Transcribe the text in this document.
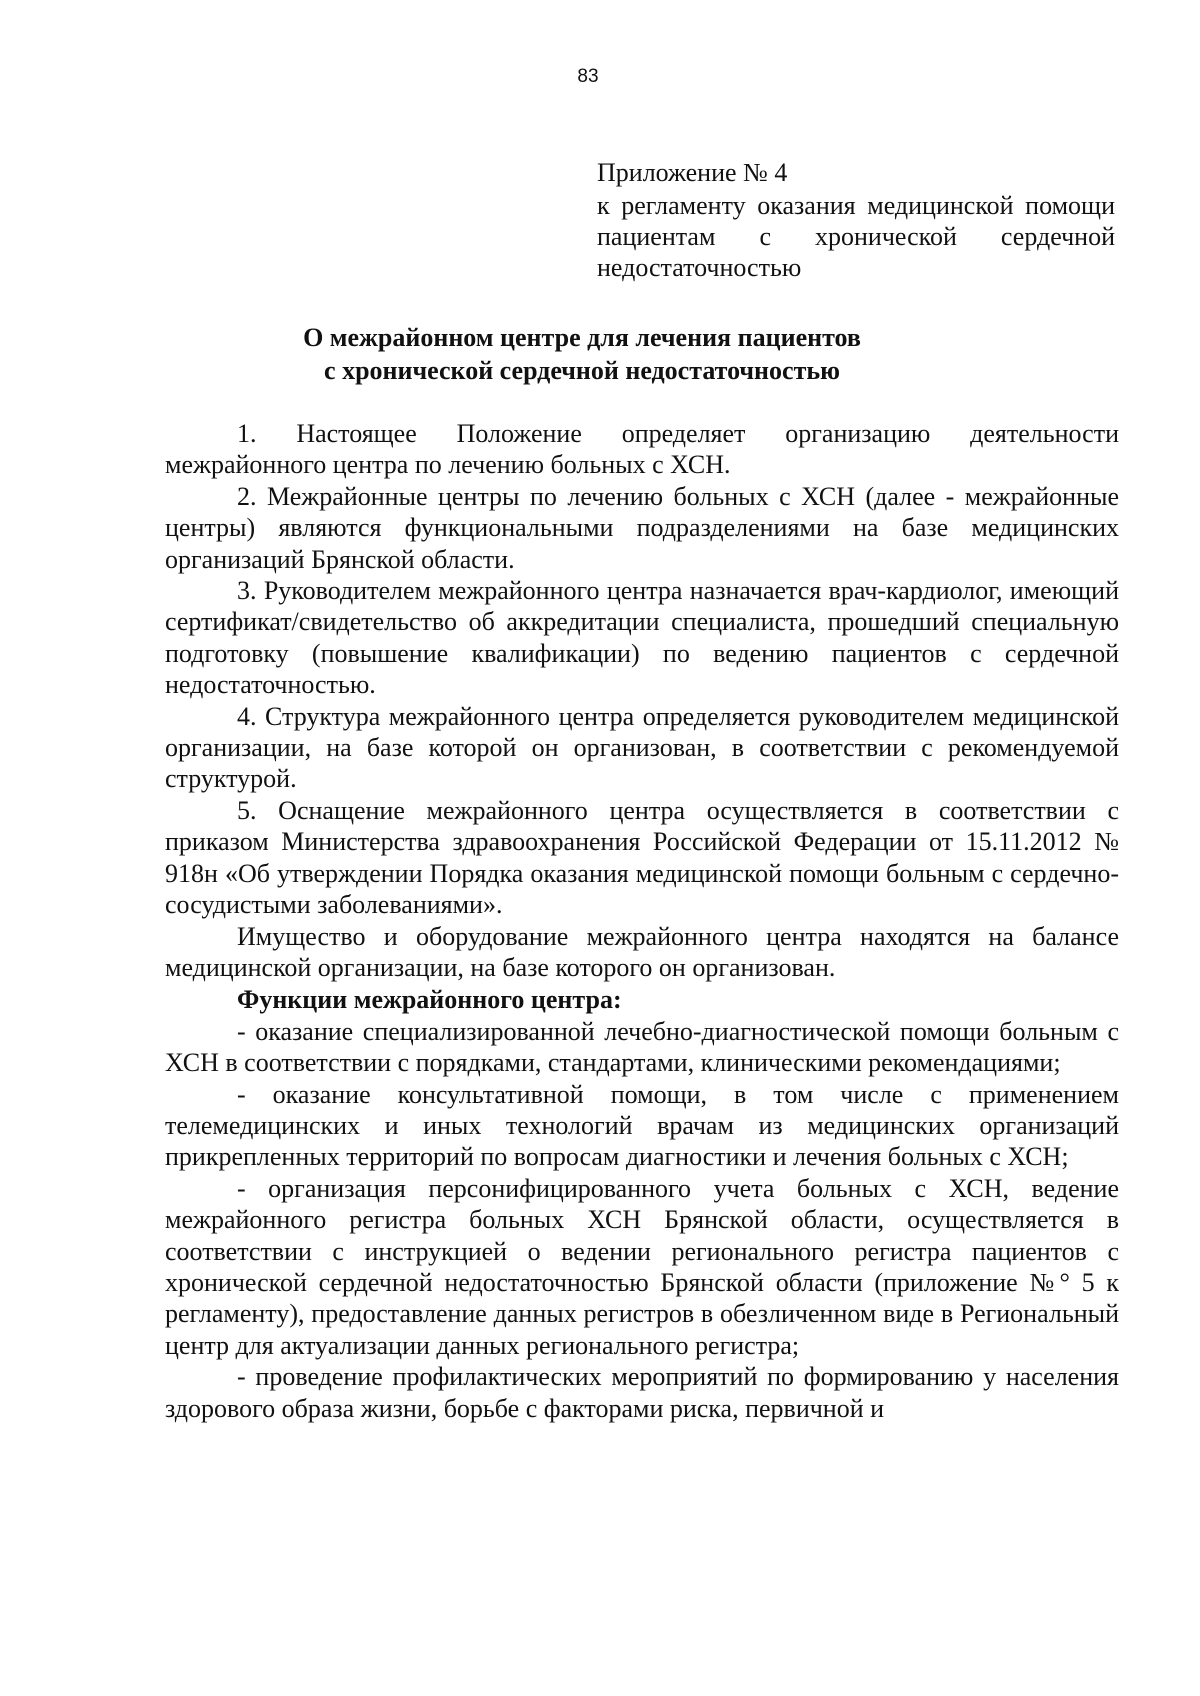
83
Приложение № 4
к регламенту оказания медицинской помощи пациентам с хронической сердечной недостаточностью
О межрайонном центре для лечения пациентов
с хронической сердечной недостаточностью

1. Настоящее Положение определяет организацию деятельности межрайонного центра по лечению больных с ХСН.

2. Межрайонные центры по лечению больных с ХСН (далее - межрайонные центры) являются функциональными подразделениями на базе медицинских организаций Брянской области.

3. Руководителем межрайонного центра назначается врач-кардиолог, имеющий сертификат/свидетельство об аккредитации специалиста, прошедший специальную подготовку (повышение квалификации) по ведению пациентов с сердечной недостаточностью.

4. Структура межрайонного центра определяется руководителем медицинской организации, на базе которой он организован, в соответствии с рекомендуемой структурой.

5. Оснащение межрайонного центра осуществляется в соответствии с приказом Министерства здравоохранения Российской Федерации от 15.11.2012 № 918н «Об утверждении Порядка оказания медицинской помощи больным с сердечно-сосудистыми заболеваниями».

Имущество и оборудование межрайонного центра находятся на балансе медицинской организации, на базе которого он организован.

Функции межрайонного центра:

- оказание специализированной лечебно-диагностической помощи больным с ХСН в соответствии с порядками, стандартами, клиническими рекомендациями;

- оказание консультативной помощи, в том числе с применением телемедицинских и иных технологий врачам из медицинских организаций прикрепленных территорий по вопросам диагностики и лечения больных с ХСН;

- организация персонифицированного учета больных с ХСН, ведение межрайонного регистра больных ХСН Брянской области, осуществляется в соответствии с инструкцией о ведении регионального регистра пациентов с хронической сердечной недостаточностью Брянской области (приложение №° 5 к регламенту), предоставление данных регистров в обезличенном виде в Региональный центр для актуализации данных регионального регистра;

- проведение профилактических мероприятий по формированию у населения здорового образа жизни, борьбе с факторами риска, первичной и
